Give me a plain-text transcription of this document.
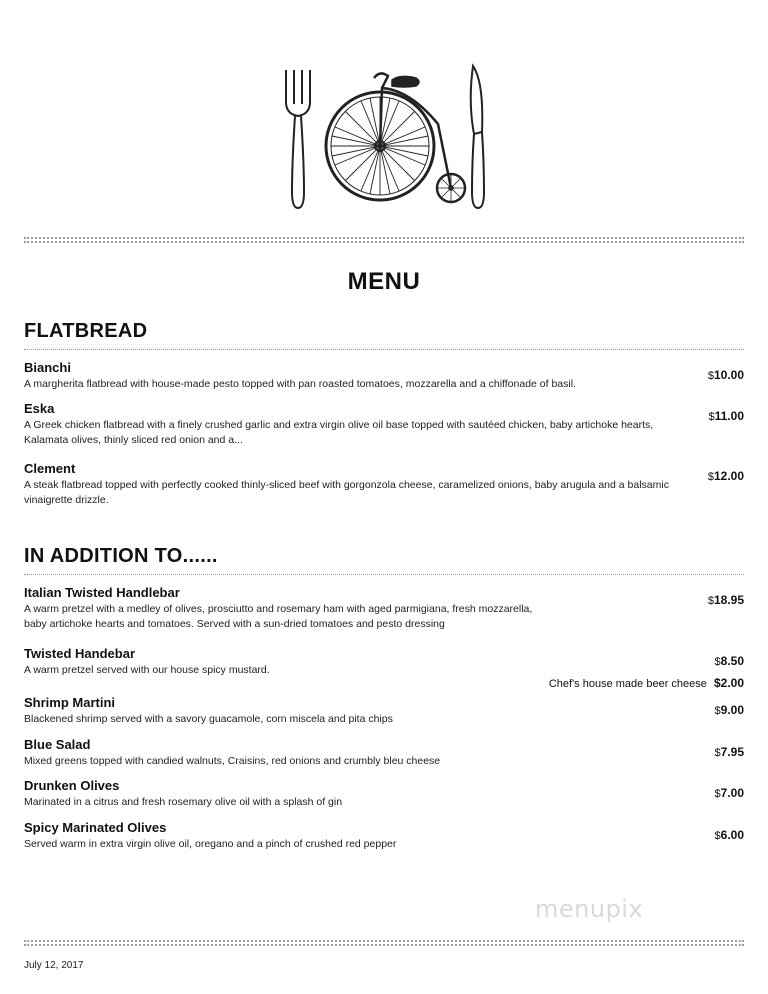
MENU
FLATBREAD
Bianchi
A margherita flatbread with house-made pesto topped with pan roasted tomatoes, mozzarella and a chiffonade of basil.
$10.00
Eska
A Greek chicken flatbread with a finely crushed garlic and extra virgin olive oil base topped with sautéed chicken, baby artichoke hearts, Kalamata olives, thinly sliced red onion and a...
$11.00
Clement
A steak flatbread topped with perfectly cooked thinly-sliced beef with gorgonzola cheese, caramelized onions, baby arugula and a balsamic vinaigrette drizzle.
$12.00
IN ADDITION TO......
Italian Twisted Handlebar
A warm pretzel with a medley of olives, prosciutto and rosemary ham with aged parmigiana, fresh mozzarella, baby artichoke hearts and tomatoes. Served with a sun-dried tomatoes and pesto dressing
$18.95
Twisted Handebar
A warm pretzel served with our house spicy mustard.
$8.50
Chef's house made beer cheese $2.00
Shrimp Martini
Blackened shrimp served with a savory guacamole, corn miscela and pita chips
$9.00
Blue Salad
Mixed greens topped with candied walnuts, Craisins, red onions and crumbly bleu cheese
$7.95
Drunken Olives
Marinated in a citrus and fresh rosemary olive oil with a splash of gin
$7.00
Spicy Marinated Olives
Served warm in extra virgin olive oil, oregano and a pinch of crushed red pepper
$6.00
menupix
July 12, 2017
